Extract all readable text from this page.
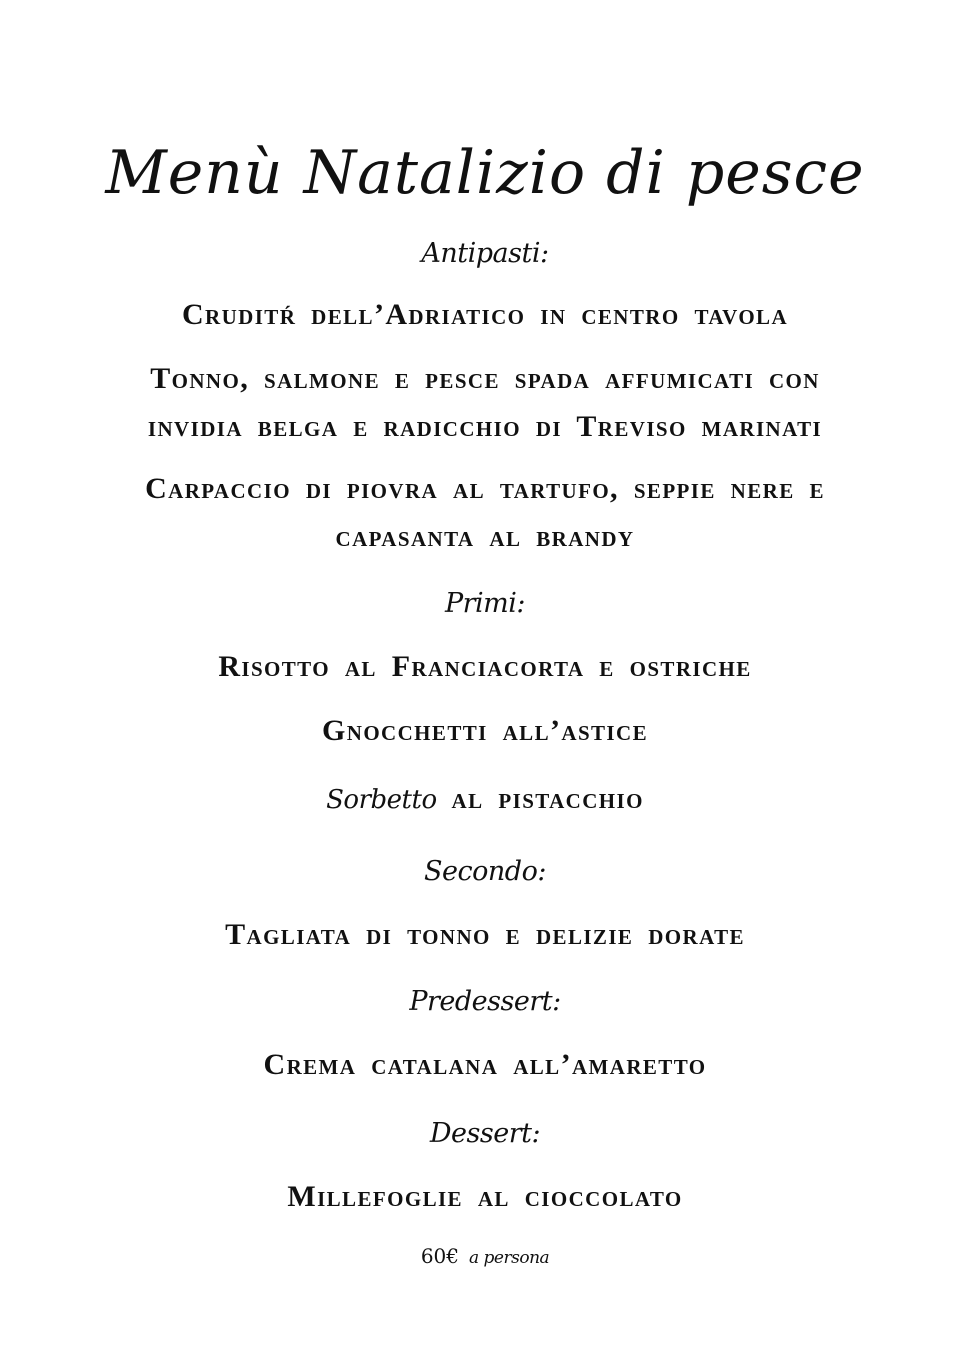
Menù Natalizio di pesce
Antipasti:
Cruditŕ dell’Adriatico in centro tavola
Tonno, salmone e pesce spada affumicati con
invidia belga e radicchio di Treviso marinati
Carpaccio di piovra al tartufo, seppie nere e
capasanta al brandy
Primi:
Risotto al Franciacorta e ostriche
Gnocchetti all’astice
Sorbetto al pistacchio
Secondo:
Tagliata di tonno e delizie dorate
Predessert:
Crema catalana all’amaretto
Dessert:
Millefoglie al cioccolato
60€ a persona
